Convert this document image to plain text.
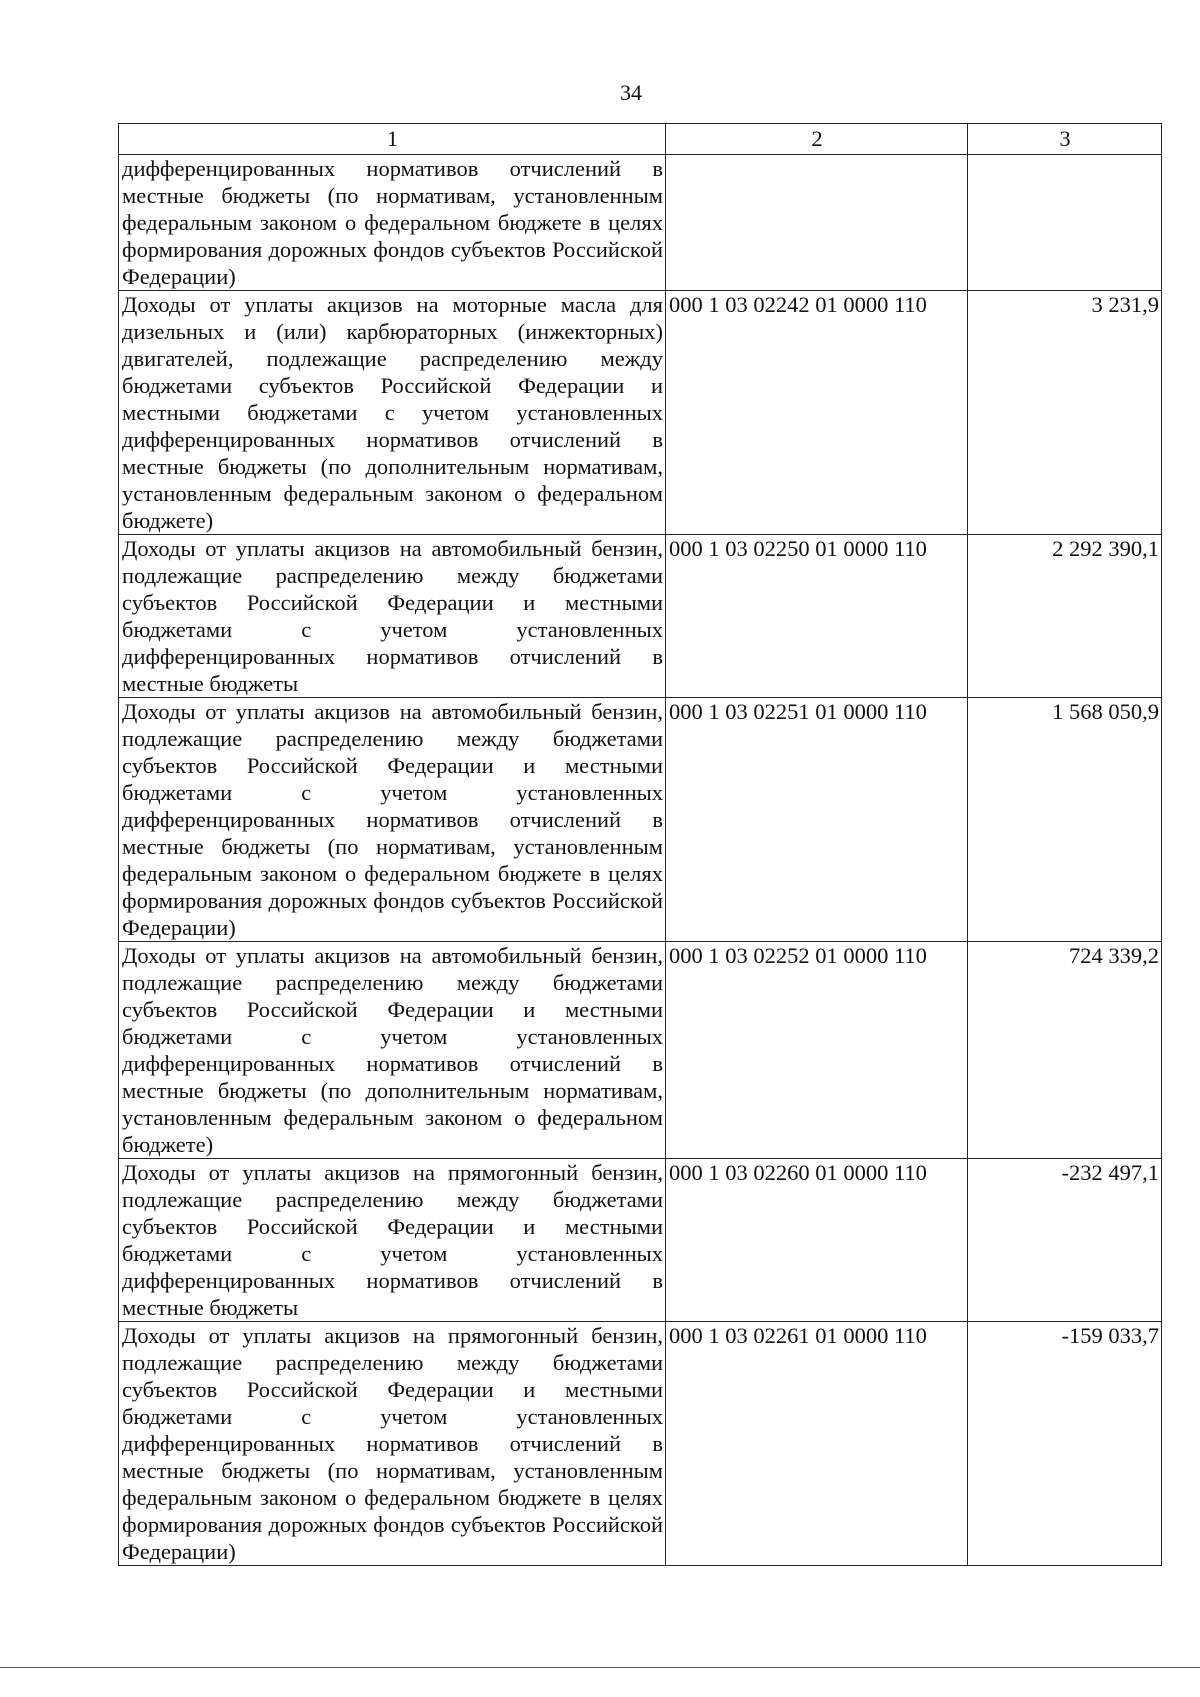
34
1	2	3
дифференцированных нормативов отчислений в местные бюджеты (по нормативам, установленным федеральным законом о федеральном бюджете в целях формирования дорожных фондов субъектов Российской Федерации)		
Доходы от уплаты акцизов на моторные масла для дизельных и (или) карбюраторных (инжекторных) двигателей, подлежащие распределению между бюджетами субъектов Российской Федерации и местными бюджетами с учетом установленных дифференцированных нормативов отчислений в местные бюджеты (по дополнительным нормативам, установленным федеральным законом о федеральном бюджете)	000 1 03 02242 01 0000 110	3 231,9
Доходы от уплаты акцизов на автомобильный бензин, подлежащие распределению между бюджетами субъектов Российской Федерации и местными бюджетами с учетом установленных дифференцированных нормативов отчислений в местные бюджеты	000 1 03 02250 01 0000 110	2 292 390,1
Доходы от уплаты акцизов на автомобильный бензин, подлежащие распределению между бюджетами субъектов Российской Федерации и местными бюджетами с учетом установленных дифференцированных нормативов отчислений в местные бюджеты (по нормативам, установленным федеральным законом о федеральном бюджете в целях формирования дорожных фондов субъектов Российской Федерации)	000 1 03 02251 01 0000 110	1 568 050,9
Доходы от уплаты акцизов на автомобильный бензин, подлежащие распределению между бюджетами субъектов Российской Федерации и местными бюджетами с учетом установленных дифференцированных нормативов отчислений в местные бюджеты (по дополнительным нормативам, установленным федеральным законом о федеральном бюджете)	000 1 03 02252 01 0000 110	724 339,2
Доходы от уплаты акцизов на прямогонный бензин, подлежащие распределению между бюджетами субъектов Российской Федерации и местными бюджетами с учетом установленных дифференцированных нормативов отчислений в местные бюджеты	000 1 03 02260 01 0000 110	-232 497,1
Доходы от уплаты акцизов на прямогонный бензин, подлежащие распределению между бюджетами субъектов Российской Федерации и местными бюджетами с учетом установленных дифференцированных нормативов отчислений в местные бюджеты (по нормативам, установленным федеральным законом о федеральном бюджете в целях формирования дорожных фондов субъектов Российской Федерации)	000 1 03 02261 01 0000 110	-159 033,7
